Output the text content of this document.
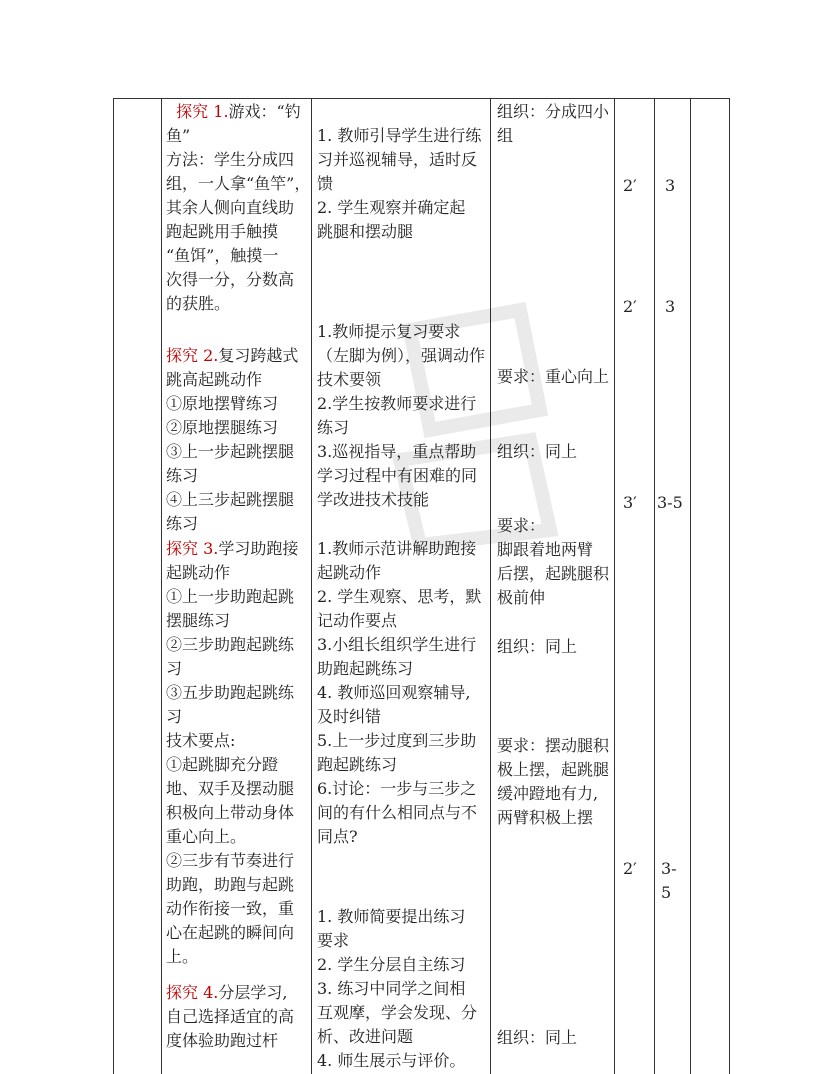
探究 1.游戏：“钓
鱼”
方法：学生分成四
组，一人拿“鱼竿”，
其余人侧向直线助
跑起跳用手触摸
“鱼饵”，触摸一
次得一分，分数高
的获胜。
探究 2.复习跨越式
跳高起跳动作
①原地摆臂练习
②原地摆腿练习
③上一步起跳摆腿
练习
④上三步起跳摆腿
练习
探究 3.学习助跑接
起跳动作
①上一步助跑起跳
摆腿练习
②三步助跑起跳练
习
③五步助跑起跳练
习
技术要点:
①起跳脚充分蹬
地、双手及摆动腿
积极向上带动身体
重心向上。
②三步有节奏进行
助跑，助跑与起跳
动作衔接一致，重
心在起跳的瞬间向
上。
探究 4.分层学习,
自己选择适宜的高
度体验助跑过杆
1. 教师引导学生进行练
习并巡视辅导，适时反
馈
2. 学生观察并确定起
跳腿和摆动腿
1.教师提示复习要求
（左脚为例），强调动作
技术要领
2.学生按教师要求进行
练习
3.巡视指导，重点帮助
学习过程中有困难的同
学改进技术技能
1.教师示范讲解助跑接
起跳动作
2. 学生观察、思考，默
记动作要点
3.小组长组织学生进行
助跑起跳练习
4. 教师巡回观察辅导,
及时纠错
5.上一步过度到三步助
跑起跳练习
6.讨论：一步与三步之
间的有什么相同点与不
同点?
1. 教师简要提出练习
要求
2. 学生分层自主练习
3. 练习中同学之间相
互观摩，学会发现、分
析、改进问题
4. 师生展示与评价。
组织：分成四小
组
要求：重心向上
组织：同上
要求：
脚跟着地两臂
后摆，起跳腿积
极前伸
组织：同上
要求：摆动腿积
极上摆，起跳腿
缓冲蹬地有力,
两臂积极上摆
组织：同上
2′
2′
3′
2′
3
3
3-5
3-
5
